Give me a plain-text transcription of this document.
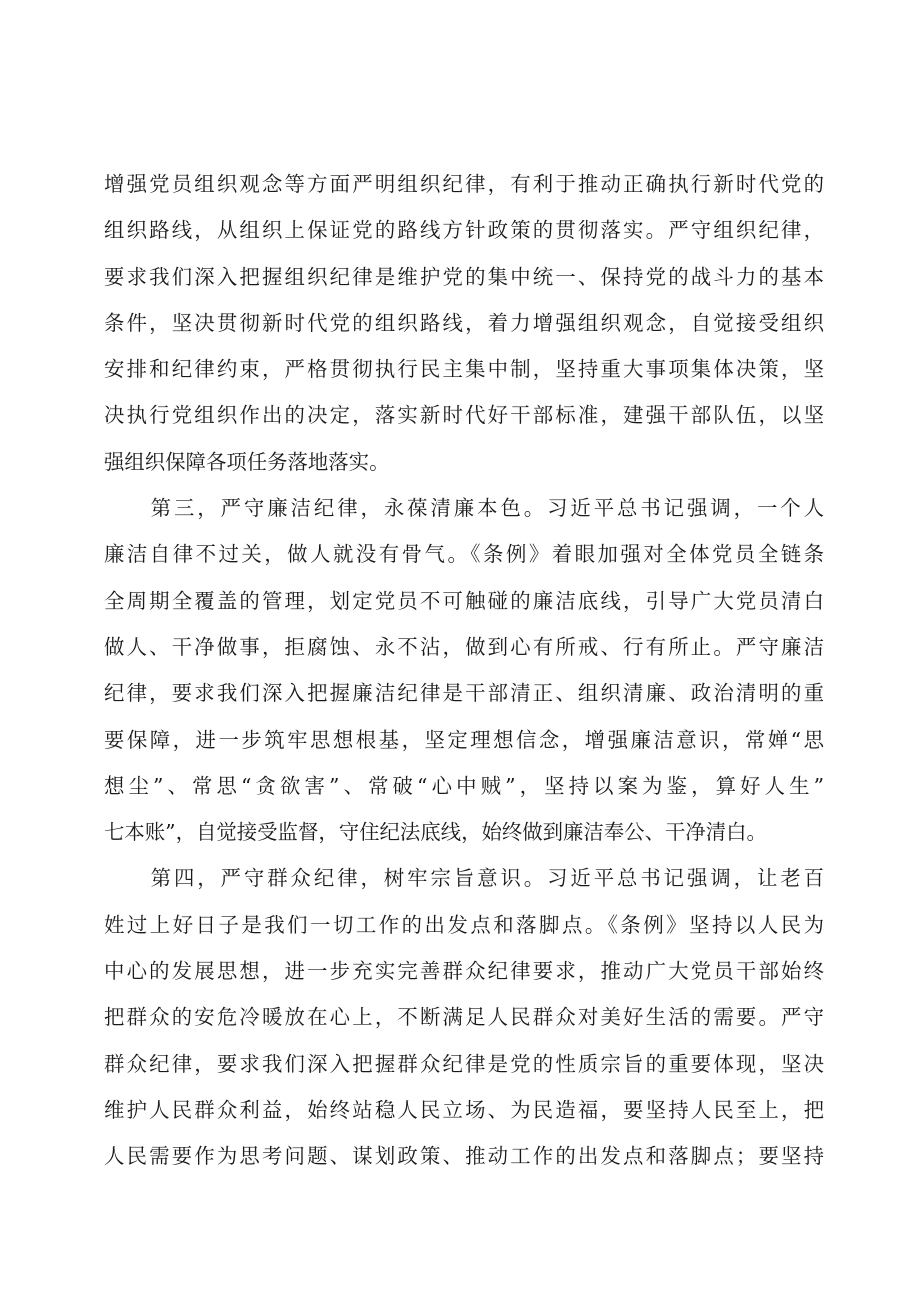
增强党员组织观念等方面严明组织纪律，有利于推动正确执行新时代党的
组织路线，从组织上保证党的路线方针政策的贯彻落实。严守组织纪律，
要求我们深入把握组织纪律是维护党的集中统一、保持党的战斗力的基本
条件，坚决贯彻新时代党的组织路线，着力增强组织观念，自觉接受组织
安排和纪律约束，严格贯彻执行民主集中制，坚持重大事项集体决策，坚
决执行党组织作出的决定，落实新时代好干部标准，建强干部队伍，以坚
强组织保障各项任务落地落实。
　　第三，严守廉洁纪律，永葆清廉本色。习近平总书记强调，一个人
廉洁自律不过关，做人就没有骨气。《条例》着眼加强对全体党员全链条
全周期全覆盖的管理，划定党员不可触碰的廉洁底线，引导广大党员清白
做人、干净做事，拒腐蚀、永不沾，做到心有所戒、行有所止。严守廉洁
纪律，要求我们深入把握廉洁纪律是干部清正、组织清廉、政治清明的重
要保障，进一步筑牢思想根基，坚定理想信念，增强廉洁意识，常婵“思
想尘”、常思“贪欲害”、常破“心中贼”，坚持以案为鉴，算好人生”
七本账”，自觉接受监督，守住纪法底线，始终做到廉洁奉公、干净清白。
　　第四，严守群众纪律，树牢宗旨意识。习近平总书记强调，让老百
姓过上好日子是我们一切工作的出发点和落脚点。《条例》坚持以人民为
中心的发展思想，进一步充实完善群众纪律要求，推动广大党员干部始终
把群众的安危冷暖放在心上，不断满足人民群众对美好生活的需要。严守
群众纪律，要求我们深入把握群众纪律是党的性质宗旨的重要体现，坚决
维护人民群众利益，始终站稳人民立场、为民造福，要坚持人民至上，把
人民需要作为思考问题、谋划政策、推动工作的出发点和落脚点；要坚持
